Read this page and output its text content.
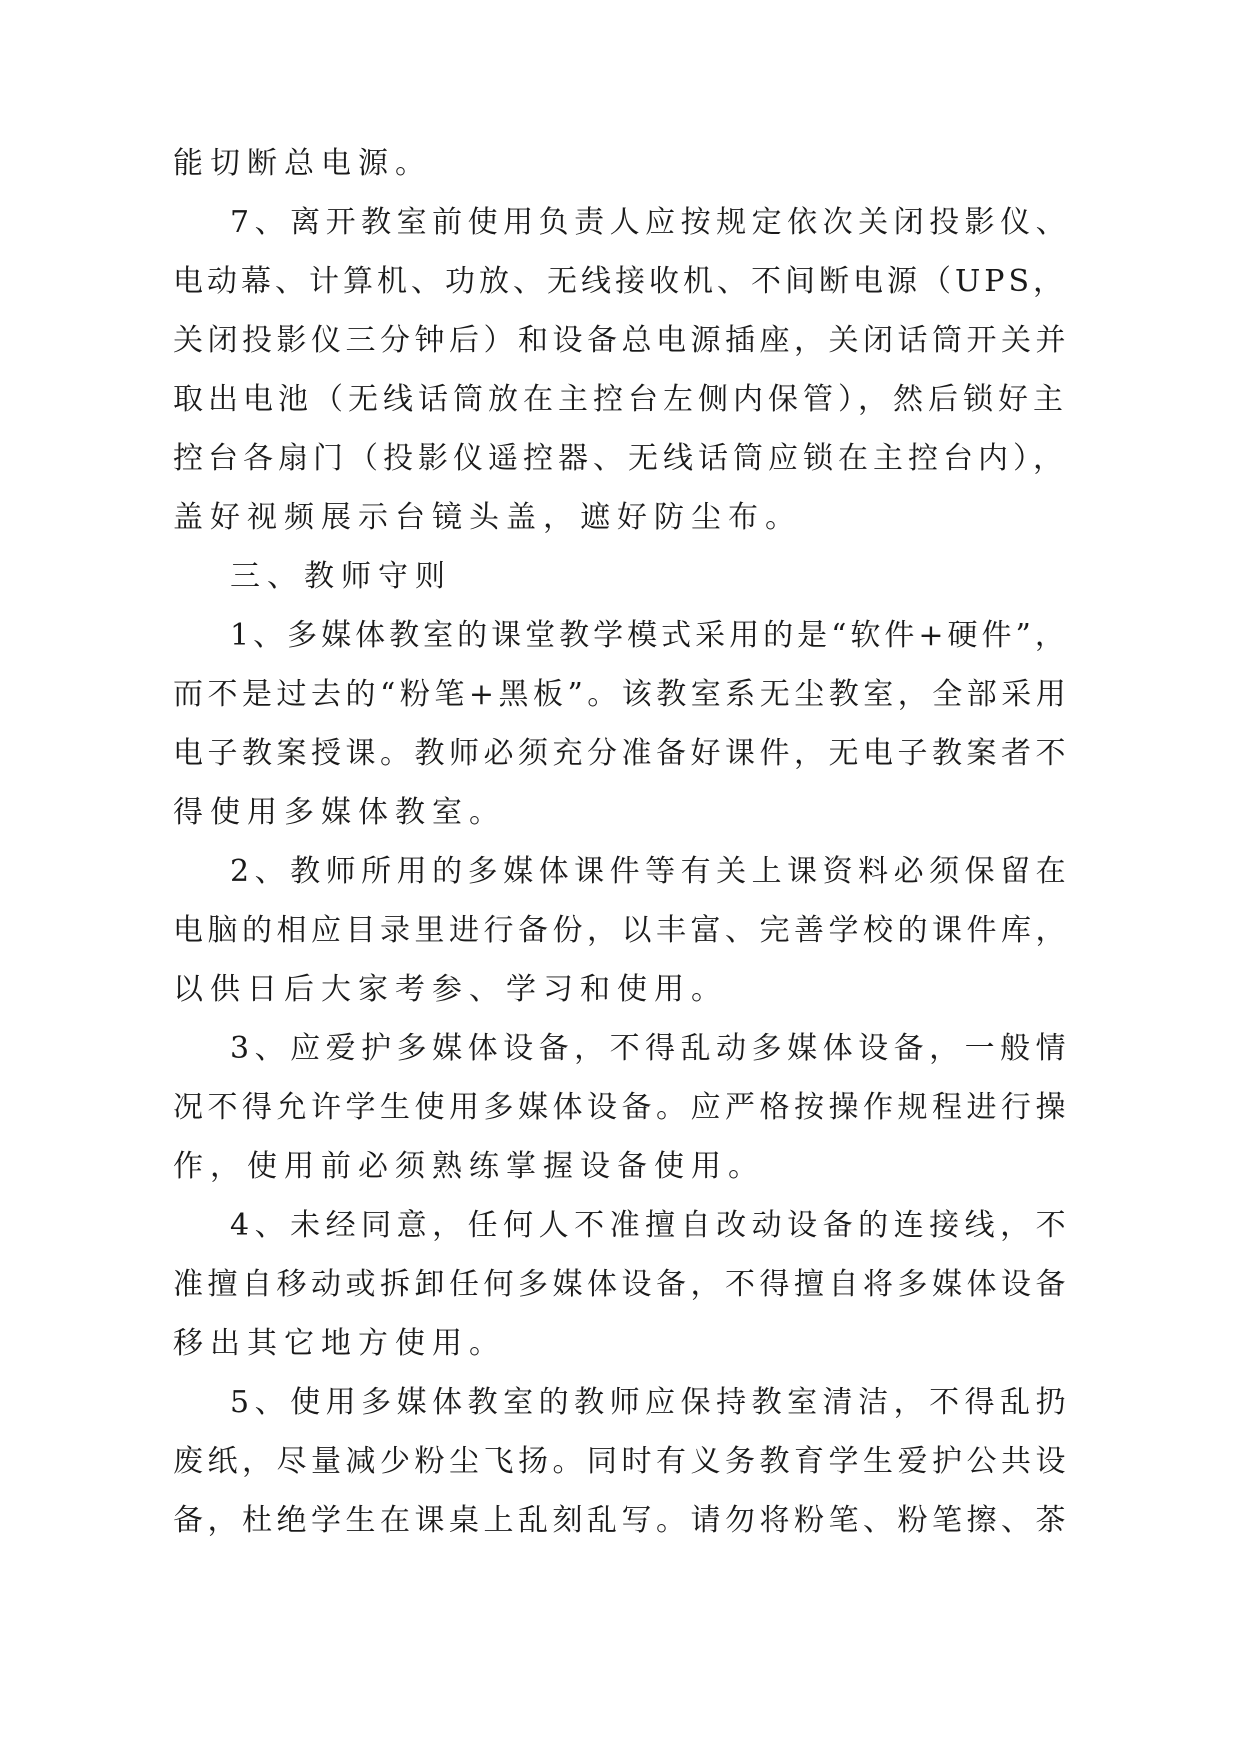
能切断总电源。
7、离开教室前使用负责人应按规定依次关闭投影仪、
电动幕、计算机、功放、无线接收机、不间断电源（UPS，
关闭投影仪三分钟后）和设备总电源插座，关闭话筒开关并
取出电池（无线话筒放在主控台左侧内保管），然后锁好主
控台各扇门（投影仪遥控器、无线话筒应锁在主控台内），
盖好视频展示台镜头盖，遮好防尘布。
三、教师守则
1、多媒体教室的课堂教学模式采用的是“软件+硬件”，
而不是过去的“粉笔+黑板”。该教室系无尘教室，全部采用
电子教案授课。教师必须充分准备好课件，无电子教案者不
得使用多媒体教室。
2、教师所用的多媒体课件等有关上课资料必须保留在
电脑的相应目录里进行备份，以丰富、完善学校的课件库，
以供日后大家考参、学习和使用。
3、应爱护多媒体设备，不得乱动多媒体设备，一般情
况不得允许学生使用多媒体设备。应严格按操作规程进行操
作，使用前必须熟练掌握设备使用。
4、未经同意，任何人不准擅自改动设备的连接线，不
准擅自移动或拆卸任何多媒体设备，不得擅自将多媒体设备
移出其它地方使用。
5、使用多媒体教室的教师应保持教室清洁，不得乱扔
废纸，尽量减少粉尘飞扬。同时有义务教育学生爱护公共设
备，杜绝学生在课桌上乱刻乱写。请勿将粉笔、粉笔擦、茶
